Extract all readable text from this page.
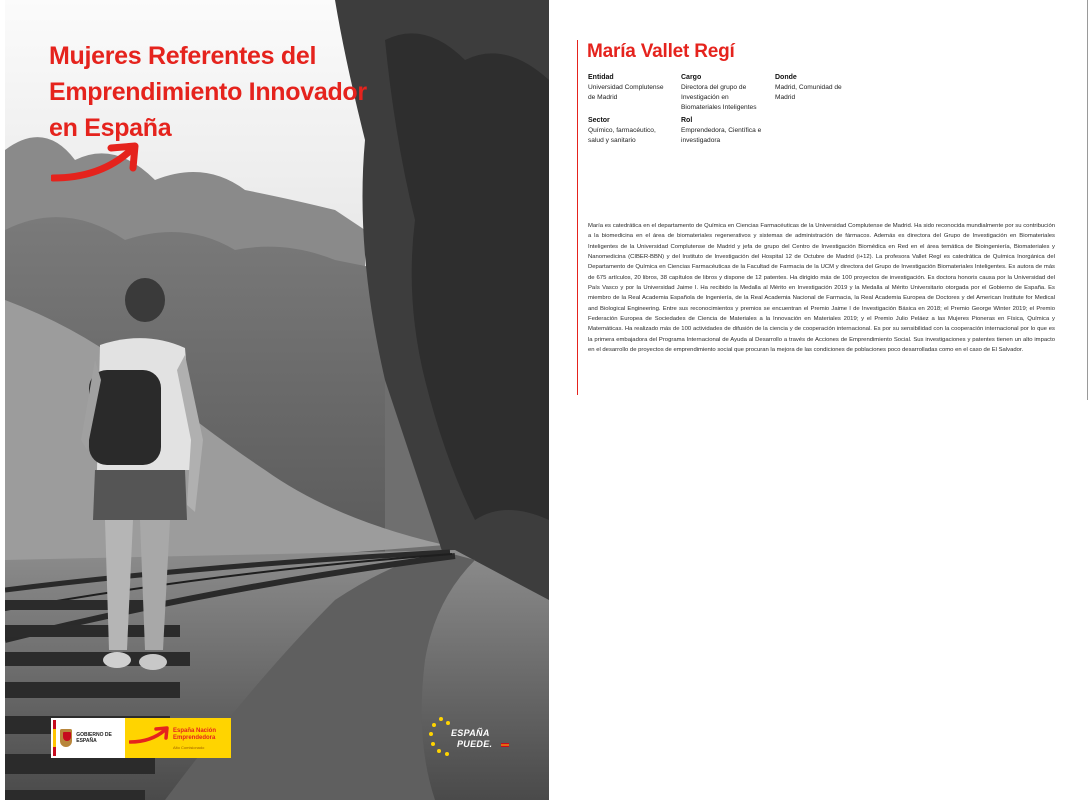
Mujeres Referentes del
Emprendimiento Innovador
en España
GOBIERNO DE ESPAÑA
España Nación
Emprendedora
Alto Comisionado
ESPAÑA
PUEDE.
María Vallet Regí
Entidad
Universidad Complutense de Madrid
Cargo
Directora del grupo de Investigación en Biomateriales Inteligentes
Donde
Madrid, Comunidad de Madrid
Sector
Químico, farmacéutico, salud y sanitario
Rol
Emprendedora, Científica e investigadora

María es catedrática en el departamento de Química en Ciencias Farmacéuticas de la Universidad Complutense de Madrid. Ha sido reconocida mundialmente por su contribución a la biomedicina en el área de biomateriales regenerativos y sistemas de administración de fármacos. Además es directora del Grupo de Investigación en Biomateriales Inteligentes de la Universidad Complutense de Madrid y jefa de grupo del Centro de Investigación Biomédica en Red en el área temática de Bioingeniería, Biomateriales y Nanomedicina (CIBER-BBN) y del Instituto de Investigación del Hospital 12 de Octubre de Madrid (i+12). La profesora Vallet Regí es catedrática de Química Inorgánica del Departamento de Química en Ciencias Farmacéuticas de la Facultad de Farmacia de la UCM y directora del Grupo de Investigación Biomateriales Inteligentes. Es autora de más de 675 artículos, 20 libros, 38 capítulos de libros y dispone de 12 patentes. Ha dirigido más de 100 proyectos de investigación. Es doctora honoris causa por la Universidad del País Vasco y por la Universidad Jaime I. Ha recibido la Medalla al Mérito en Investigación 2019 y la Medalla al Mérito Universitario otorgada por el Gobierno de España. Es miembro de la Real Academia Española de Ingeniería, de la Real Academia Nacional de Farmacia, la Real Academia Europea de Doctores y del American Institute for Medical and Biological Engineering. Entre sus reconocimientos y premios se encuentran el Premio Jaime I de Investigación Básica en 2018; el Premio George Winter 2019; el Premio Federación Europea de Sociedades de Ciencia de Materiales a la Innovación en Materiales 2019; y el Premio Julio Peláez a las Mujeres Pioneras en Física, Química y Matemáticas. Ha realizado más de 100 actividades de difusión de la ciencia y de cooperación internacional. Es por su sensibilidad con la cooperación internacional por lo que es la primera embajadora del Programa Internacional de Ayuda al Desarrollo a través de Acciones de Emprendimiento Social. Sus investigaciones y patentes tienen un alto impacto en el desarrollo de proyectos de emprendimiento social que procuran la mejora de las condiciones de poblaciones poco desarrolladas como en el caso de El Salvador.
